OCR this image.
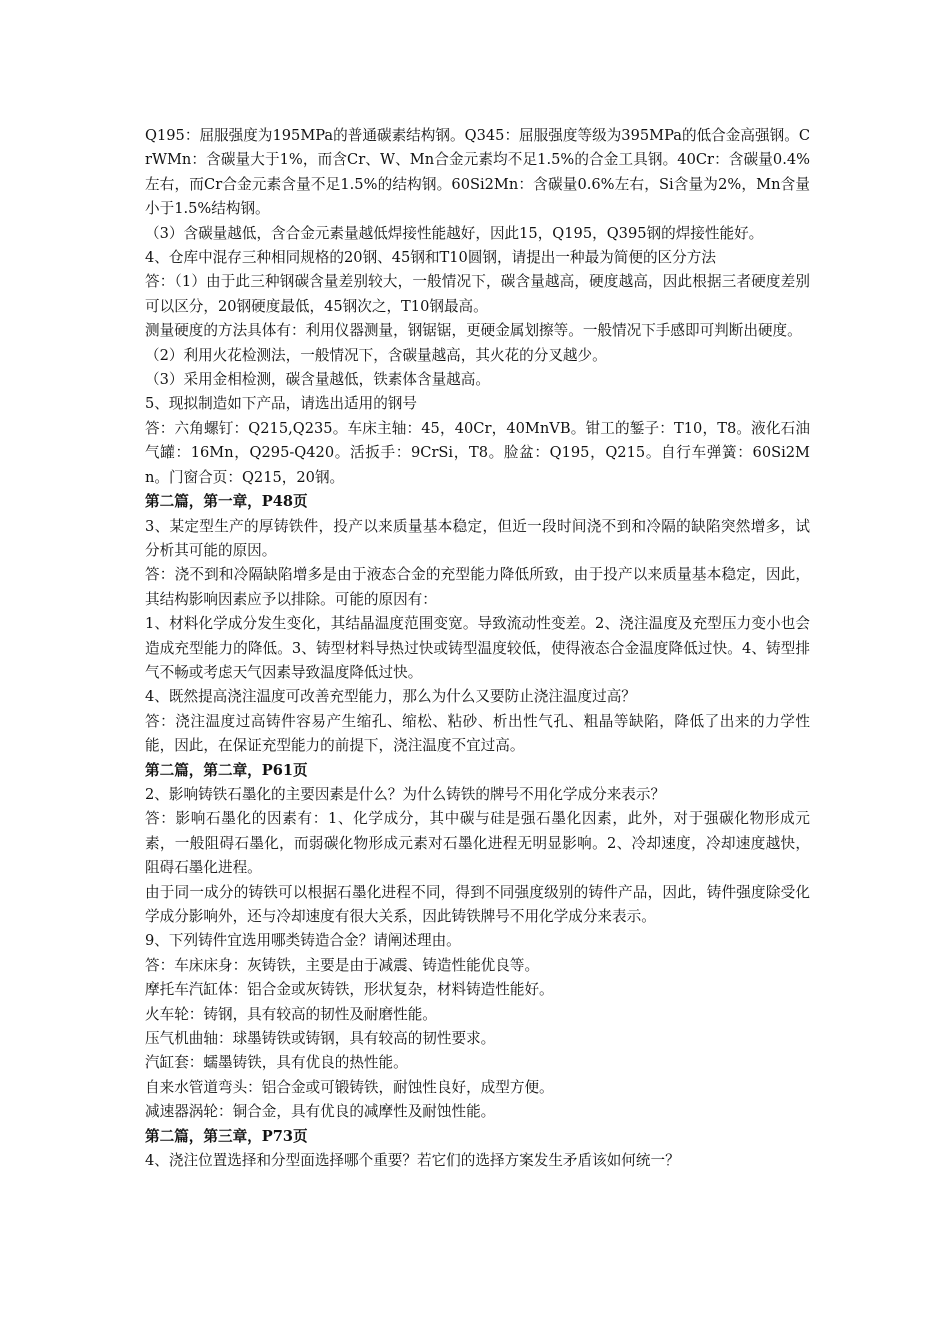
Q195：屈服强度为195MPa的普通碳素结构钢。Q345：屈服强度等级为395MPa的低合金高强钢。CrWMn：含碳量大于1%，而含Cr、W、Mn合金元素均不足1.5%的合金工具钢。40Cr：含碳量0.4%左右，而Cr合金元素含量不足1.5%的结构钢。60Si2Mn：含碳量0.6%左右，Si含量为2%，Mn含量小于1.5%结构钢。

（3）含碳量越低，含合金元素量越低焊接性能越好，因此15，Q195，Q395钢的焊接性能好。

4、仓库中混存三种相同规格的20钢、45钢和T10圆钢，请提出一种最为简便的区分方法

答：（1）由于此三种钢碳含量差别较大，一般情况下，碳含量越高，硬度越高，因此根据三者硬度差别可以区分，20钢硬度最低，45钢次之，T10钢最高。

测量硬度的方法具体有：利用仪器测量，钢锯锯，更硬金属划擦等。一般情况下手感即可判断出硬度。

（2）利用火花检测法，一般情况下，含碳量越高，其火花的分叉越少。

（3）采用金相检测，碳含量越低，铁素体含量越高。

5、现拟制造如下产品，请选出适用的钢号

答：六角螺钉：Q215,Q235。车床主轴：45，40Cr，40MnVB。钳工的錾子：T10，T8。液化石油气罐：16Mn，Q295-Q420。活扳手：9CrSi，T8。脸盆：Q195，Q215。自行车弹簧：60Si2Mn。门窗合页：Q215，20钢。

第二篇，第一章，P48页

3、某定型生产的厚铸铁件，投产以来质量基本稳定，但近一段时间浇不到和冷隔的缺陷突然增多，试分析其可能的原因。

答：浇不到和冷隔缺陷增多是由于液态合金的充型能力降低所致，由于投产以来质量基本稳定，因此，其结构影响因素应予以排除。可能的原因有：

1、材料化学成分发生变化，其结晶温度范围变宽。导致流动性变差。2、浇注温度及充型压力变小也会造成充型能力的降低。3、铸型材料导热过快或铸型温度较低，使得液态合金温度降低过快。4、铸型排气不畅或考虑天气因素导致温度降低过快。

4、既然提高浇注温度可改善充型能力，那么为什么又要防止浇注温度过高？

答：浇注温度过高铸件容易产生缩孔、缩松、粘砂、析出性气孔、粗晶等缺陷，降低了出来的力学性能，因此，在保证充型能力的前提下，浇注温度不宜过高。

第二篇，第二章，P61页

2、影响铸铁石墨化的主要因素是什么？为什么铸铁的牌号不用化学成分来表示？

答：影响石墨化的因素有：1、化学成分，其中碳与硅是强石墨化因素，此外，对于强碳化物形成元素，一般阻碍石墨化，而弱碳化物形成元素对石墨化进程无明显影响。2、冷却速度，冷却速度越快，阻碍石墨化进程。

由于同一成分的铸铁可以根据石墨化进程不同，得到不同强度级别的铸件产品，因此，铸件强度除受化学成分影响外，还与冷却速度有很大关系，因此铸铁牌号不用化学成分来表示。

9、下列铸件宜选用哪类铸造合金？请阐述理由。

答：车床床身：灰铸铁，主要是由于减震、铸造性能优良等。

摩托车汽缸体：铝合金或灰铸铁，形状复杂，材料铸造性能好。

火车轮：铸钢，具有较高的韧性及耐磨性能。

压气机曲轴：球墨铸铁或铸钢，具有较高的韧性要求。

汽缸套：蠕墨铸铁，具有优良的热性能。

自来水管道弯头：铝合金或可锻铸铁，耐蚀性良好，成型方便。

减速器涡轮：铜合金，具有优良的减摩性及耐蚀性能。

第二篇，第三章，P73页

4、浇注位置选择和分型面选择哪个重要？若它们的选择方案发生矛盾该如何统一？
